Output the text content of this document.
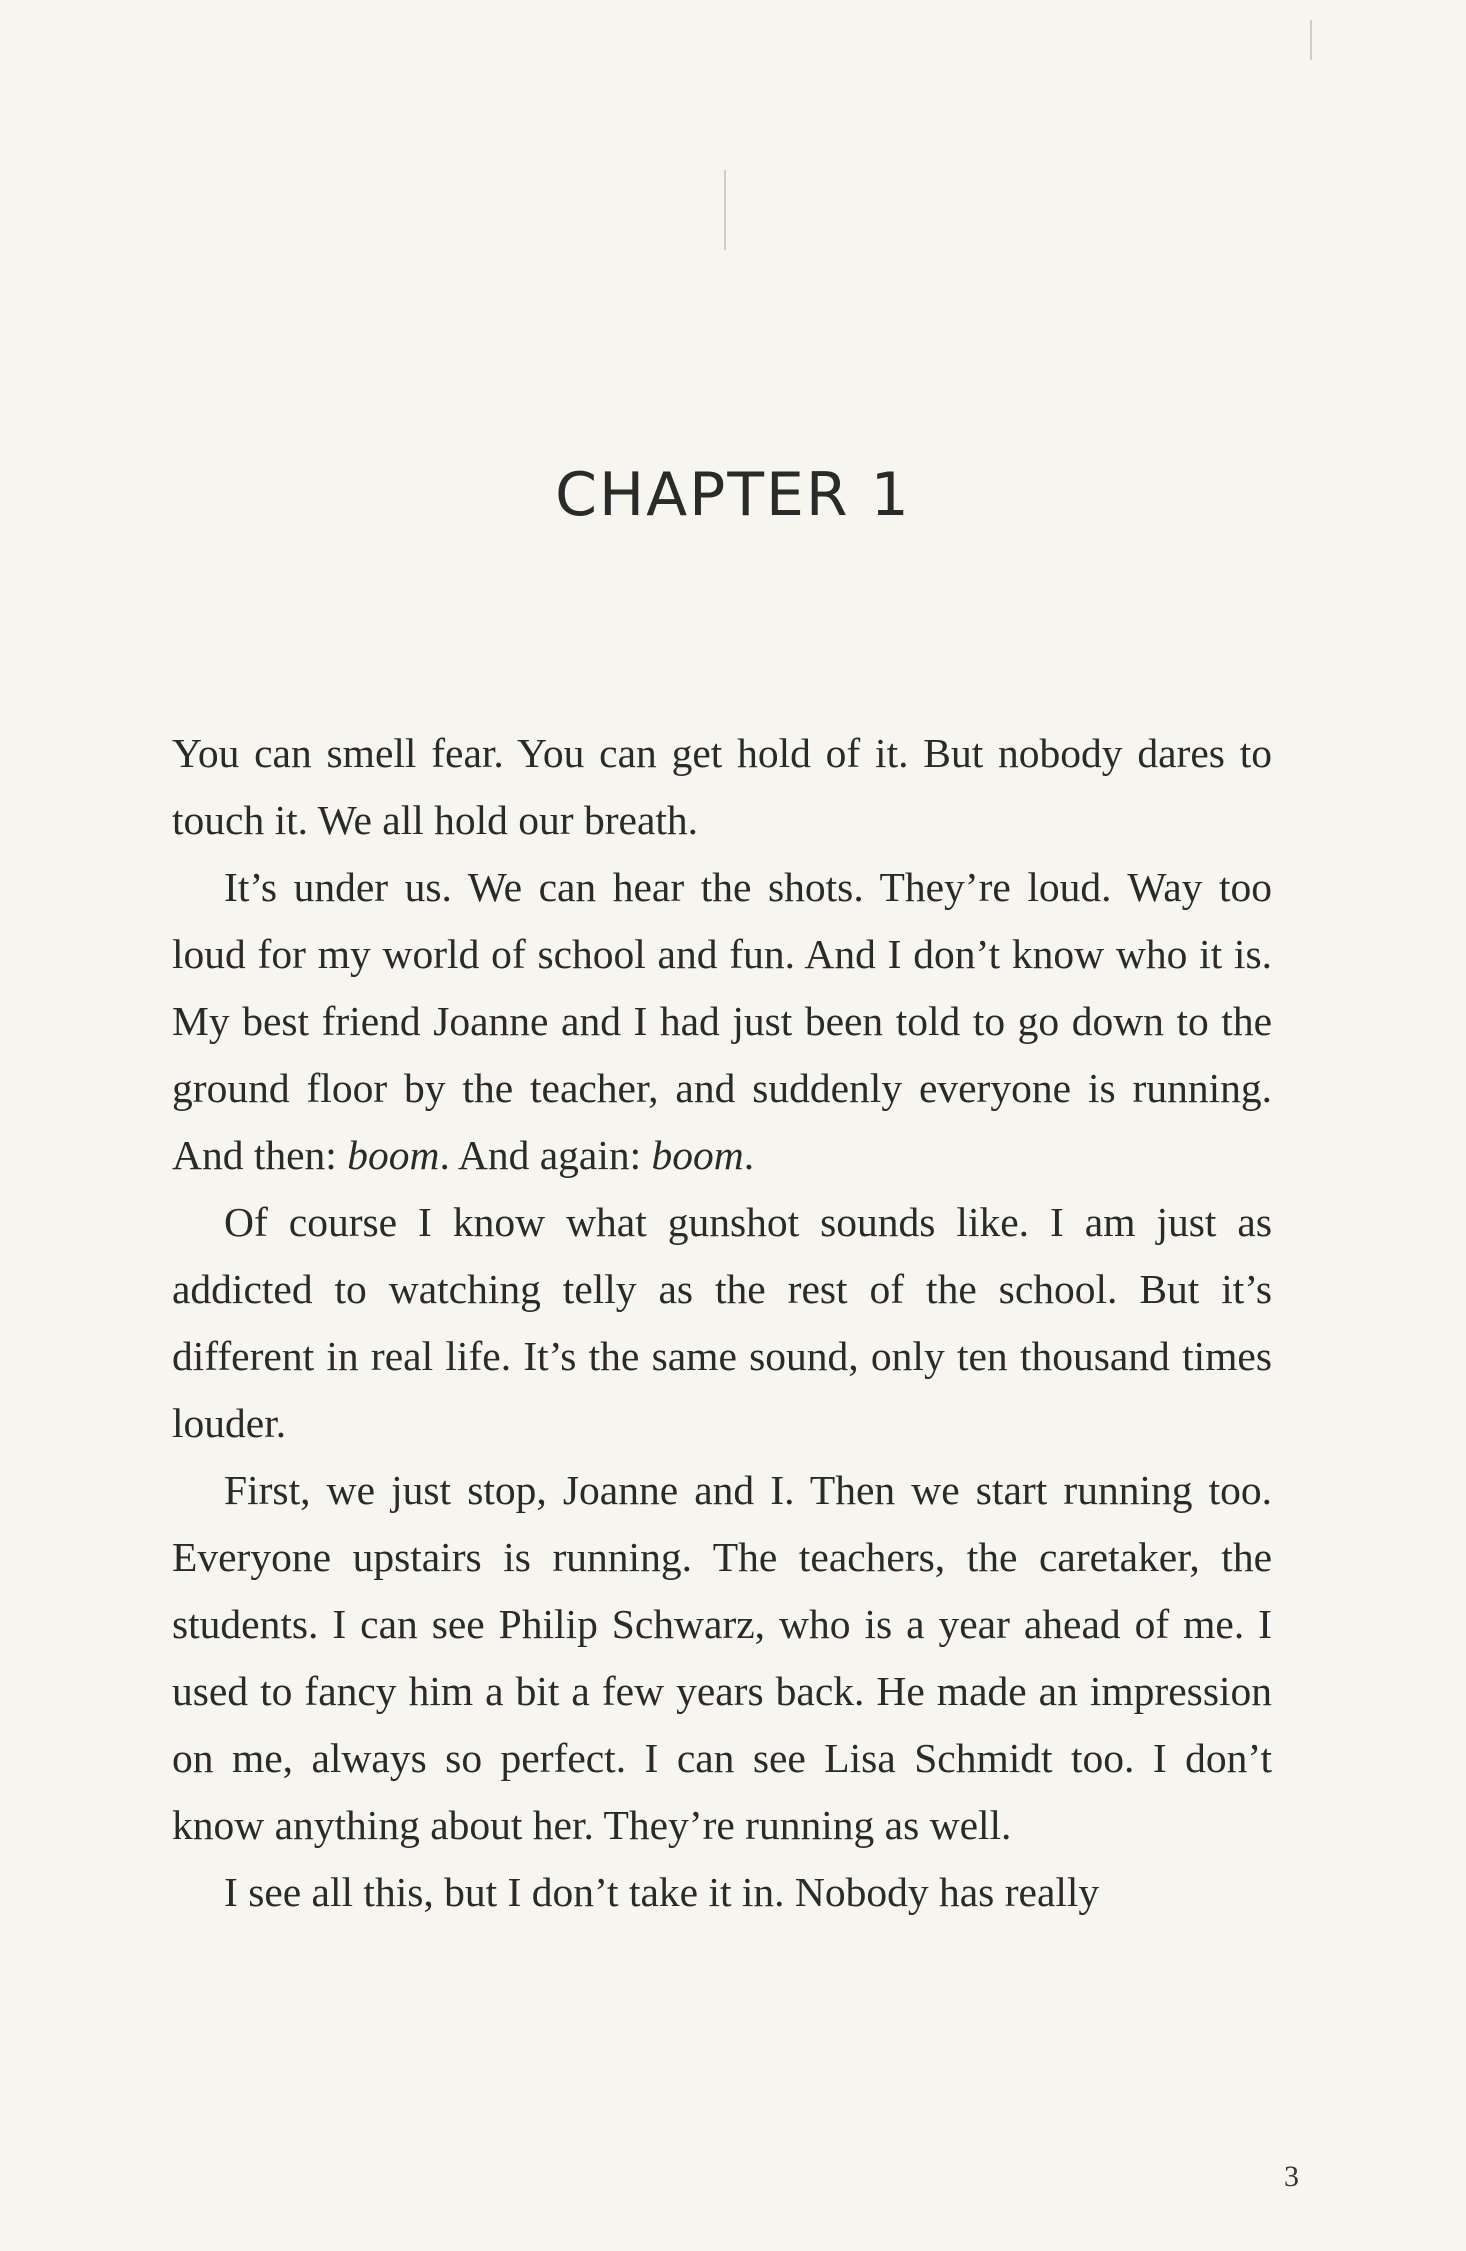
CHAPTER 1

You can smell fear. You can get hold of it. But nobody dares to touch it. We all hold our breath.

It’s under us. We can hear the shots. They’re loud. Way too loud for my world of school and fun. And I don’t know who it is. My best friend Joanne and I had just been told to go down to the ground floor by the teacher, and suddenly everyone is running. And then: boom. And again: boom.

Of course I know what gunshot sounds like. I am just as addicted to watching telly as the rest of the school. But it’s different in real life. It’s the same sound, only ten thousand times louder.

First, we just stop, Joanne and I. Then we start running too. Everyone upstairs is running. The teachers, the caretaker, the students. I can see Philip Schwarz, who is a year ahead of me. I used to fancy him a bit a few years back. He made an impression on me, always so perfect. I can see Lisa Schmidt too. I don’t know anything about her. They’re running as well.

I see all this, but I don’t take it in. Nobody has really

3
